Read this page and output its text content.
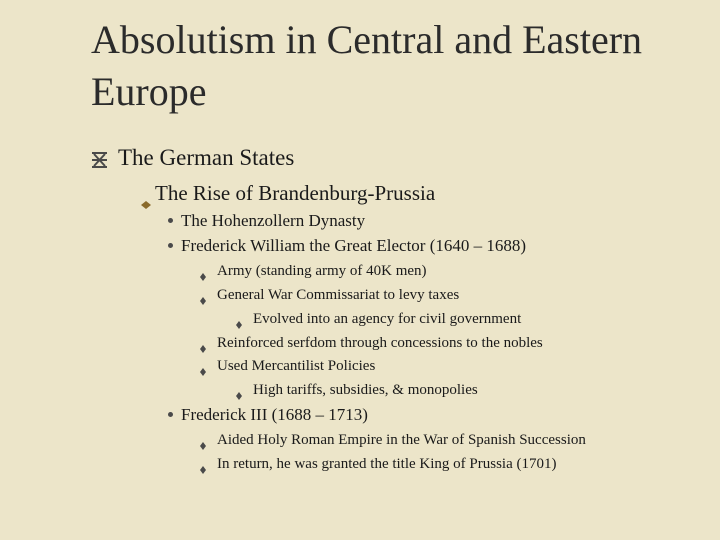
Absolutism in Central and Eastern Europe
The German States
The Rise of Brandenburg-Prussia
The Hohenzollern Dynasty
Frederick William the Great Elector (1640 – 1688)
Army (standing army of 40K men)
General War Commissariat to levy taxes
Evolved into an agency for civil government
Reinforced serfdom through concessions to the nobles
Used Mercantilist Policies
High tariffs, subsidies, & monopolies
Frederick III (1688 – 1713)
Aided Holy Roman Empire in the War of Spanish Succession
In return, he was granted the title King of Prussia (1701)
